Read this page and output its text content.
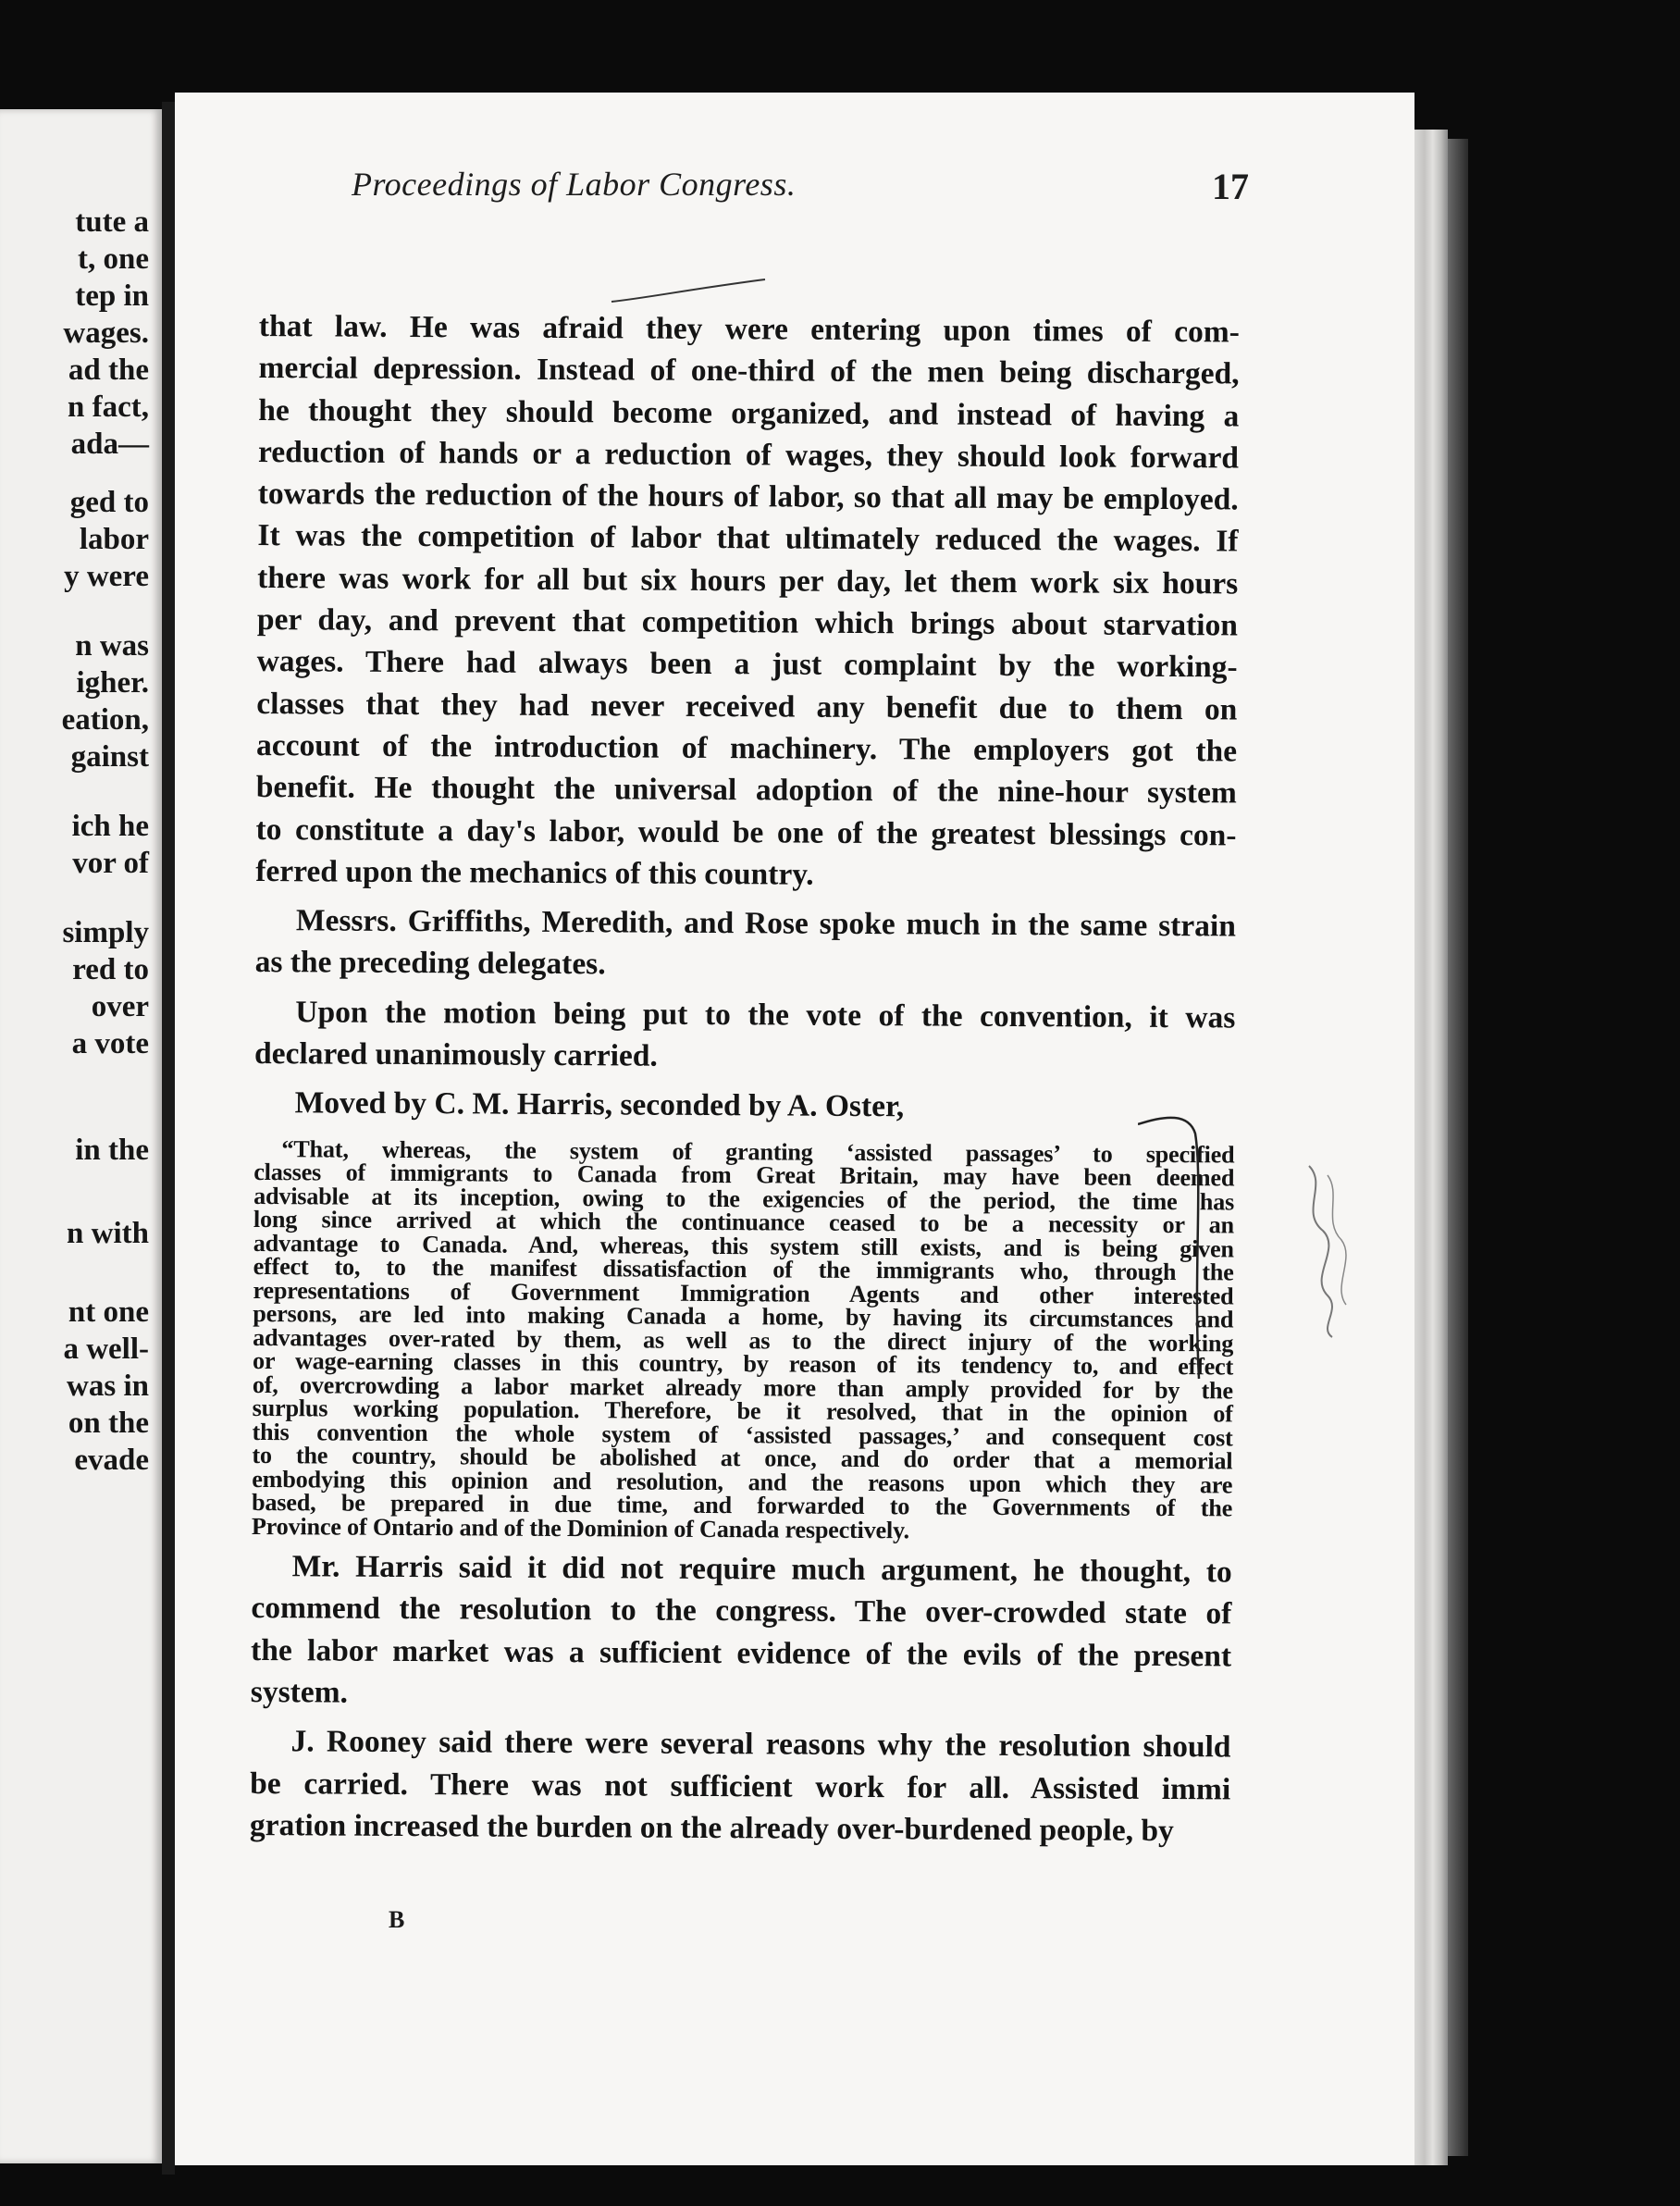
tute a
t, one
tep in
wages.
ad the
n fact,
ada—
ged to
labor
y were
n was
igher.
eation,
gainst
ich he
vor of
simply
red to
over
a vote
in the
n with
nt one
a well-
was in
on the
evade
Proceedings of Labor Congress.	17
that law. He was afraid they were entering upon times of com-
mercial depression. Instead of one-third of the men being discharged,
he thought they should become organized, and instead of having a
reduction of hands or a reduction of wages, they should look forward
towards the reduction of the hours of labor, so that all may be employed.
It was the competition of labor that ultimately reduced the wages. If
there was work for all but six hours per day, let them work six hours
per day, and prevent that competition which brings about starvation
wages. There had always been a just complaint by the working-
classes that they had never received any benefit due to them on
account of the introduction of machinery. The employers got the
benefit. He thought the universal adoption of the nine-hour system
to constitute a day's labor, would be one of the greatest blessings con-
ferred upon the mechanics of this country.
Messrs. Griffiths, Meredith, and Rose spoke much in the same strain
as the preceding delegates.
Upon the motion being put to the vote of the convention, it was
declared unanimously carried.
Moved by C. M. Harris, seconded by A. Oster,
“That, whereas, the system of granting ‘assisted passages’ to specified
classes of immigrants to Canada from Great Britain, may have been deemed
advisable at its inception, owing to the exigencies of the period, the time has
long since arrived at which the continuance ceased to be a necessity or an
advantage to Canada. And, whereas, this system still exists, and is being given
effect to, to the manifest dissatisfaction of the immigrants who, through the
representations of Government Immigration Agents and other interested
persons, are led into making Canada a home, by having its circumstances and
advantages over-rated by them, as well as to the direct injury of the working
or wage-earning classes in this country, by reason of its tendency to, and effect
of, overcrowding a labor market already more than amply provided for by the
surplus working population. Therefore, be it resolved, that in the opinion of
this convention the whole system of ‘assisted passages,’ and consequent cost
to the country, should be abolished at once, and do order that a memorial
embodying this opinion and resolution, and the reasons upon which they are
based, be prepared in due time, and forwarded to the Governments of the
Province of Ontario and of the Dominion of Canada respectively.
Mr. Harris said it did not require much argument, he thought, to
commend the resolution to the congress. The over-crowded state of
the labor market was a sufficient evidence of the evils of the present
system.
J. Rooney said there were several reasons why the resolution should
be carried. There was not sufficient work for all. Assisted immi
gration increased the burden on the already over-burdened people, by
B
